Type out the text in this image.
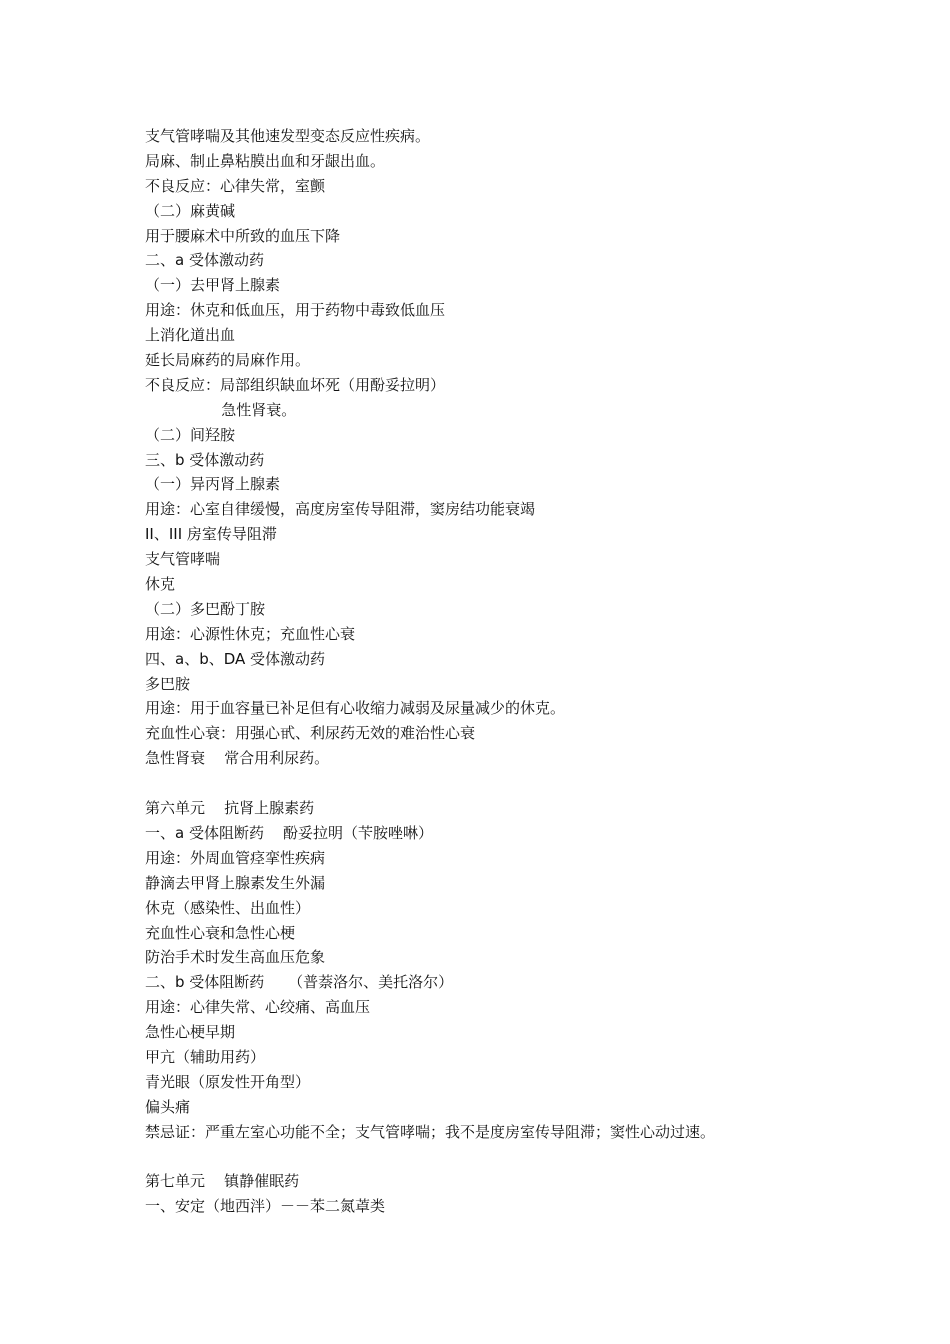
支气管哮喘及其他速发型变态反应性疾病。
局麻、制止鼻粘膜出血和牙龈出血。
不良反应：心律失常，室颤
（二）麻黄碱
用于腰麻术中所致的血压下降
二、a 受体激动药
（一）去甲肾上腺素
用途：休克和低血压，用于药物中毒致低血压
上消化道出血
延长局麻药的局麻作用。
不良反应：局部组织缺血坏死（用酚妥拉明）
急性肾衰。
（二）间羟胺
三、b 受体激动药
（一）异丙肾上腺素
用途：心室自律缓慢，高度房室传导阻滞，窦房结功能衰竭
II、III 房室传导阻滞
支气管哮喘
休克
（二）多巴酚丁胺
用途：心源性休克；充血性心衰
四、a、b、DA 受体激动药
多巴胺
用途：用于血容量已补足但有心收缩力减弱及尿量减少的休克。
充血性心衰：用强心甙、利尿药无效的难治性心衰
急性肾衰    常合用利尿药。
第六单元    抗肾上腺素药
一、a 受体阻断药    酚妥拉明（苄胺唑啉）
用途：外周血管痉挛性疾病
静滴去甲肾上腺素发生外漏
休克（感染性、出血性）
充血性心衰和急性心梗
防治手术时发生高血压危象
二、b 受体阻断药     （普萘洛尔、美托洛尔）
用途：心律失常、心绞痛、高血压
急性心梗早期
甲亢（辅助用药）
青光眼（原发性开角型）
偏头痛
禁忌证：严重左室心功能不全；支气管哮喘；我不是度房室传导阻滞；窦性心动过速。
第七单元    镇静催眠药
一、安定（地西泮）－－苯二氮䓬类
